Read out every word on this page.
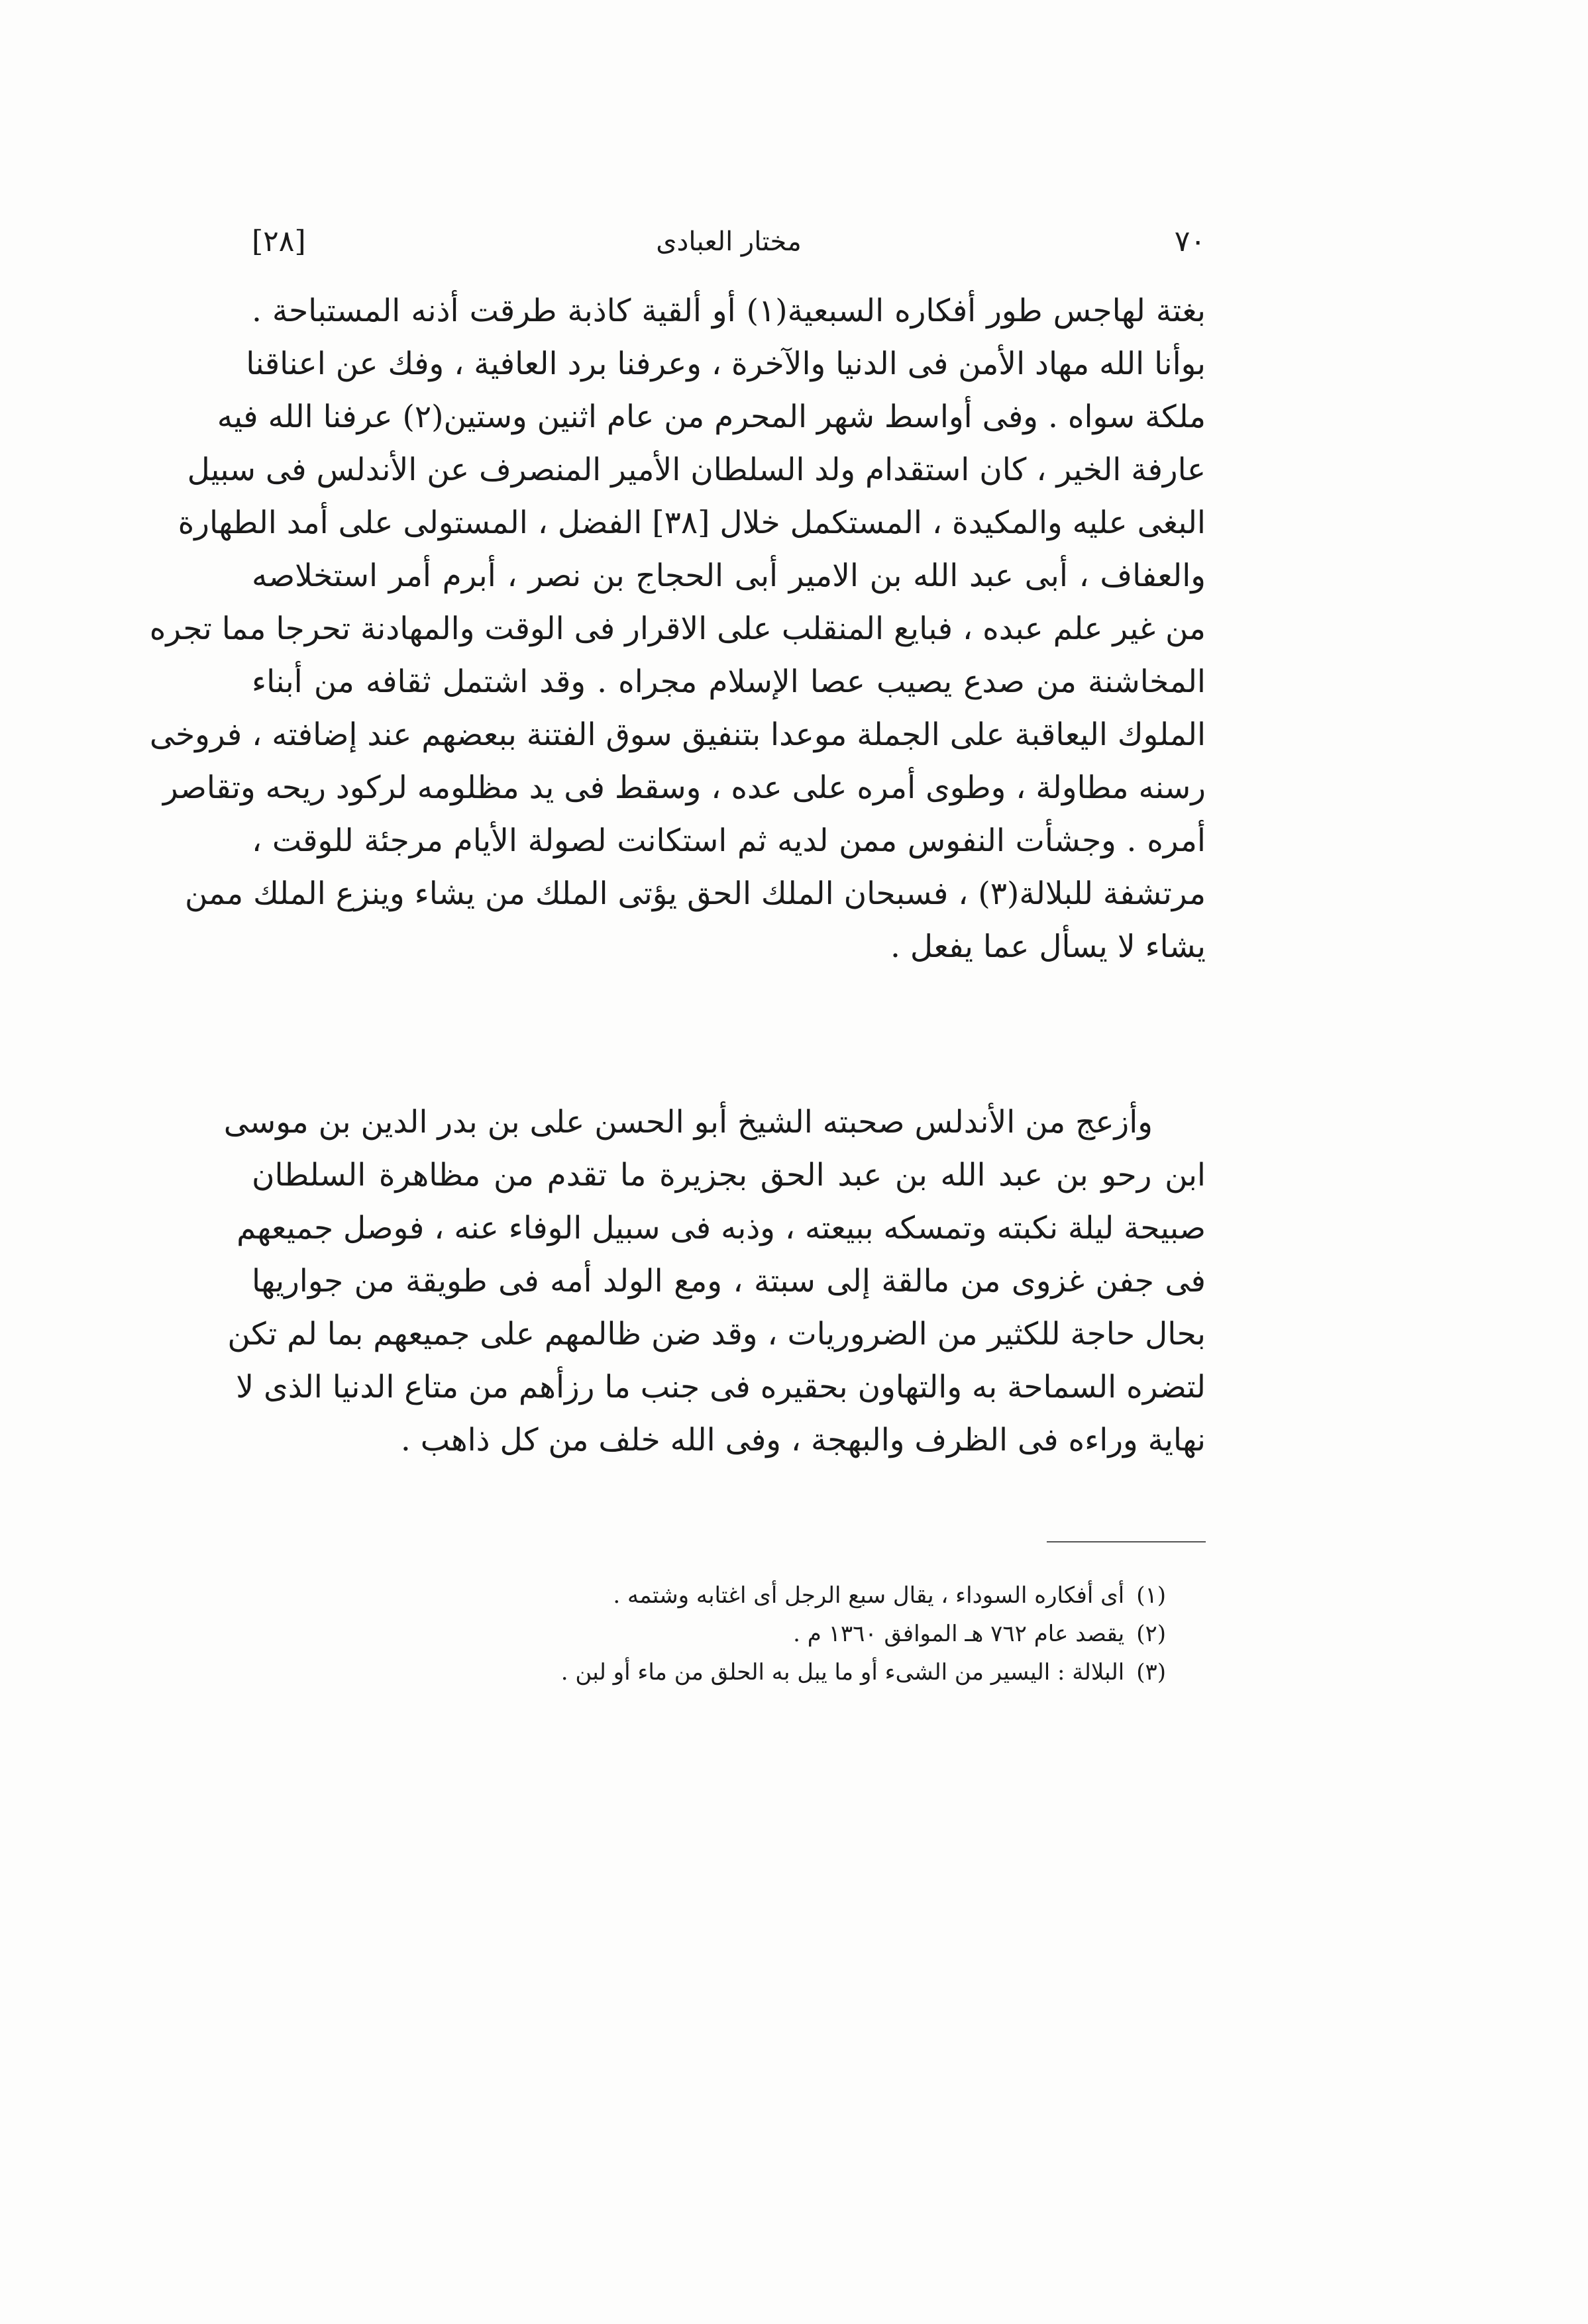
٧٠
مختار العبادى
[٢٨]
بغتة لهاجس طور أفكاره السبعية(١) أو ألقية كاذبة طرقت أذنه المستباحة .
بوأنا الله مهاد الأمن فى الدنيا والآخرة ، وعرفنا برد العافية ، وفك عن اعناقنا
ملكة سواه . وفى أواسط شهر المحرم من عام اثنين وستين(٢) عرفنا الله فيه
عارفة الخير ، كان استقدام ولد السلطان الأمير المنصرف عن الأندلس فى سبيل
البغى عليه والمكيدة ، المستكمل خلال [٣٨] الفضل ، المستولى على أمد الطهارة
والعفاف ، أبى عبد الله بن الامير أبى الحجاج بن نصر ، أبرم أمر استخلاصه
من غير علم عبده ، فبايع المنقلب على الاقرار فى الوقت والمهادنة تحرجا مما تجره
المخاشنة من صدع يصيب عصا الإسلام مجراه . وقد اشتمل ثقافه من أبناء
الملوك اليعاقبة على الجملة موعدا بتنفيق سوق الفتنة ببعضهم عند إضافته ، فروخى
رسنه مطاولة ، وطوى أمره على عده ، وسقط فى يد مظلومه لركود ريحه وتقاصر
أمره . وجشأت النفوس ممن لديه ثم استكانت لصولة الأيام مرجئة للوقت ،
مرتشفة للبلالة(٣) ، فسبحان الملك الحق يؤتى الملك من يشاء وينزع الملك ممن
يشاء لا يسأل عما يفعل .
وأزعج من الأندلس صحبته الشيخ أبو الحسن على بن بدر الدين بن موسى
ابن رحو بن عبد الله بن عبد الحق بجزيرة ما تقدم من مظاهرة السلطان
صبيحة ليلة نكبته وتمسكه ببيعته ، وذبه فى سبيل الوفاء عنه ، فوصل جميعهم
فى جفن غزوى من مالقة إلى سبتة ، ومع الولد أمه فى طويقة من جواريها
بحال حاجة للكثير من الضروريات ، وقد ضن ظالمهم على جميعهم بما لم تكن
لتضره السماحة به والتهاون بحقيره فى جنب ما رزأهم من متاع الدنيا الذى لا
نهاية وراءه فى الظرف والبهجة ، وفى الله خلف من كل ذاهب .
(١)أى أفكاره السوداء ، يقال سبع الرجل أى اغتابه وشتمه .
(٢)يقصد عام ٧٦٢ هـ الموافق ١٣٦٠ م .
(٣)البلالة : اليسير من الشىء أو ما يبل به الحلق من ماء أو لبن .
